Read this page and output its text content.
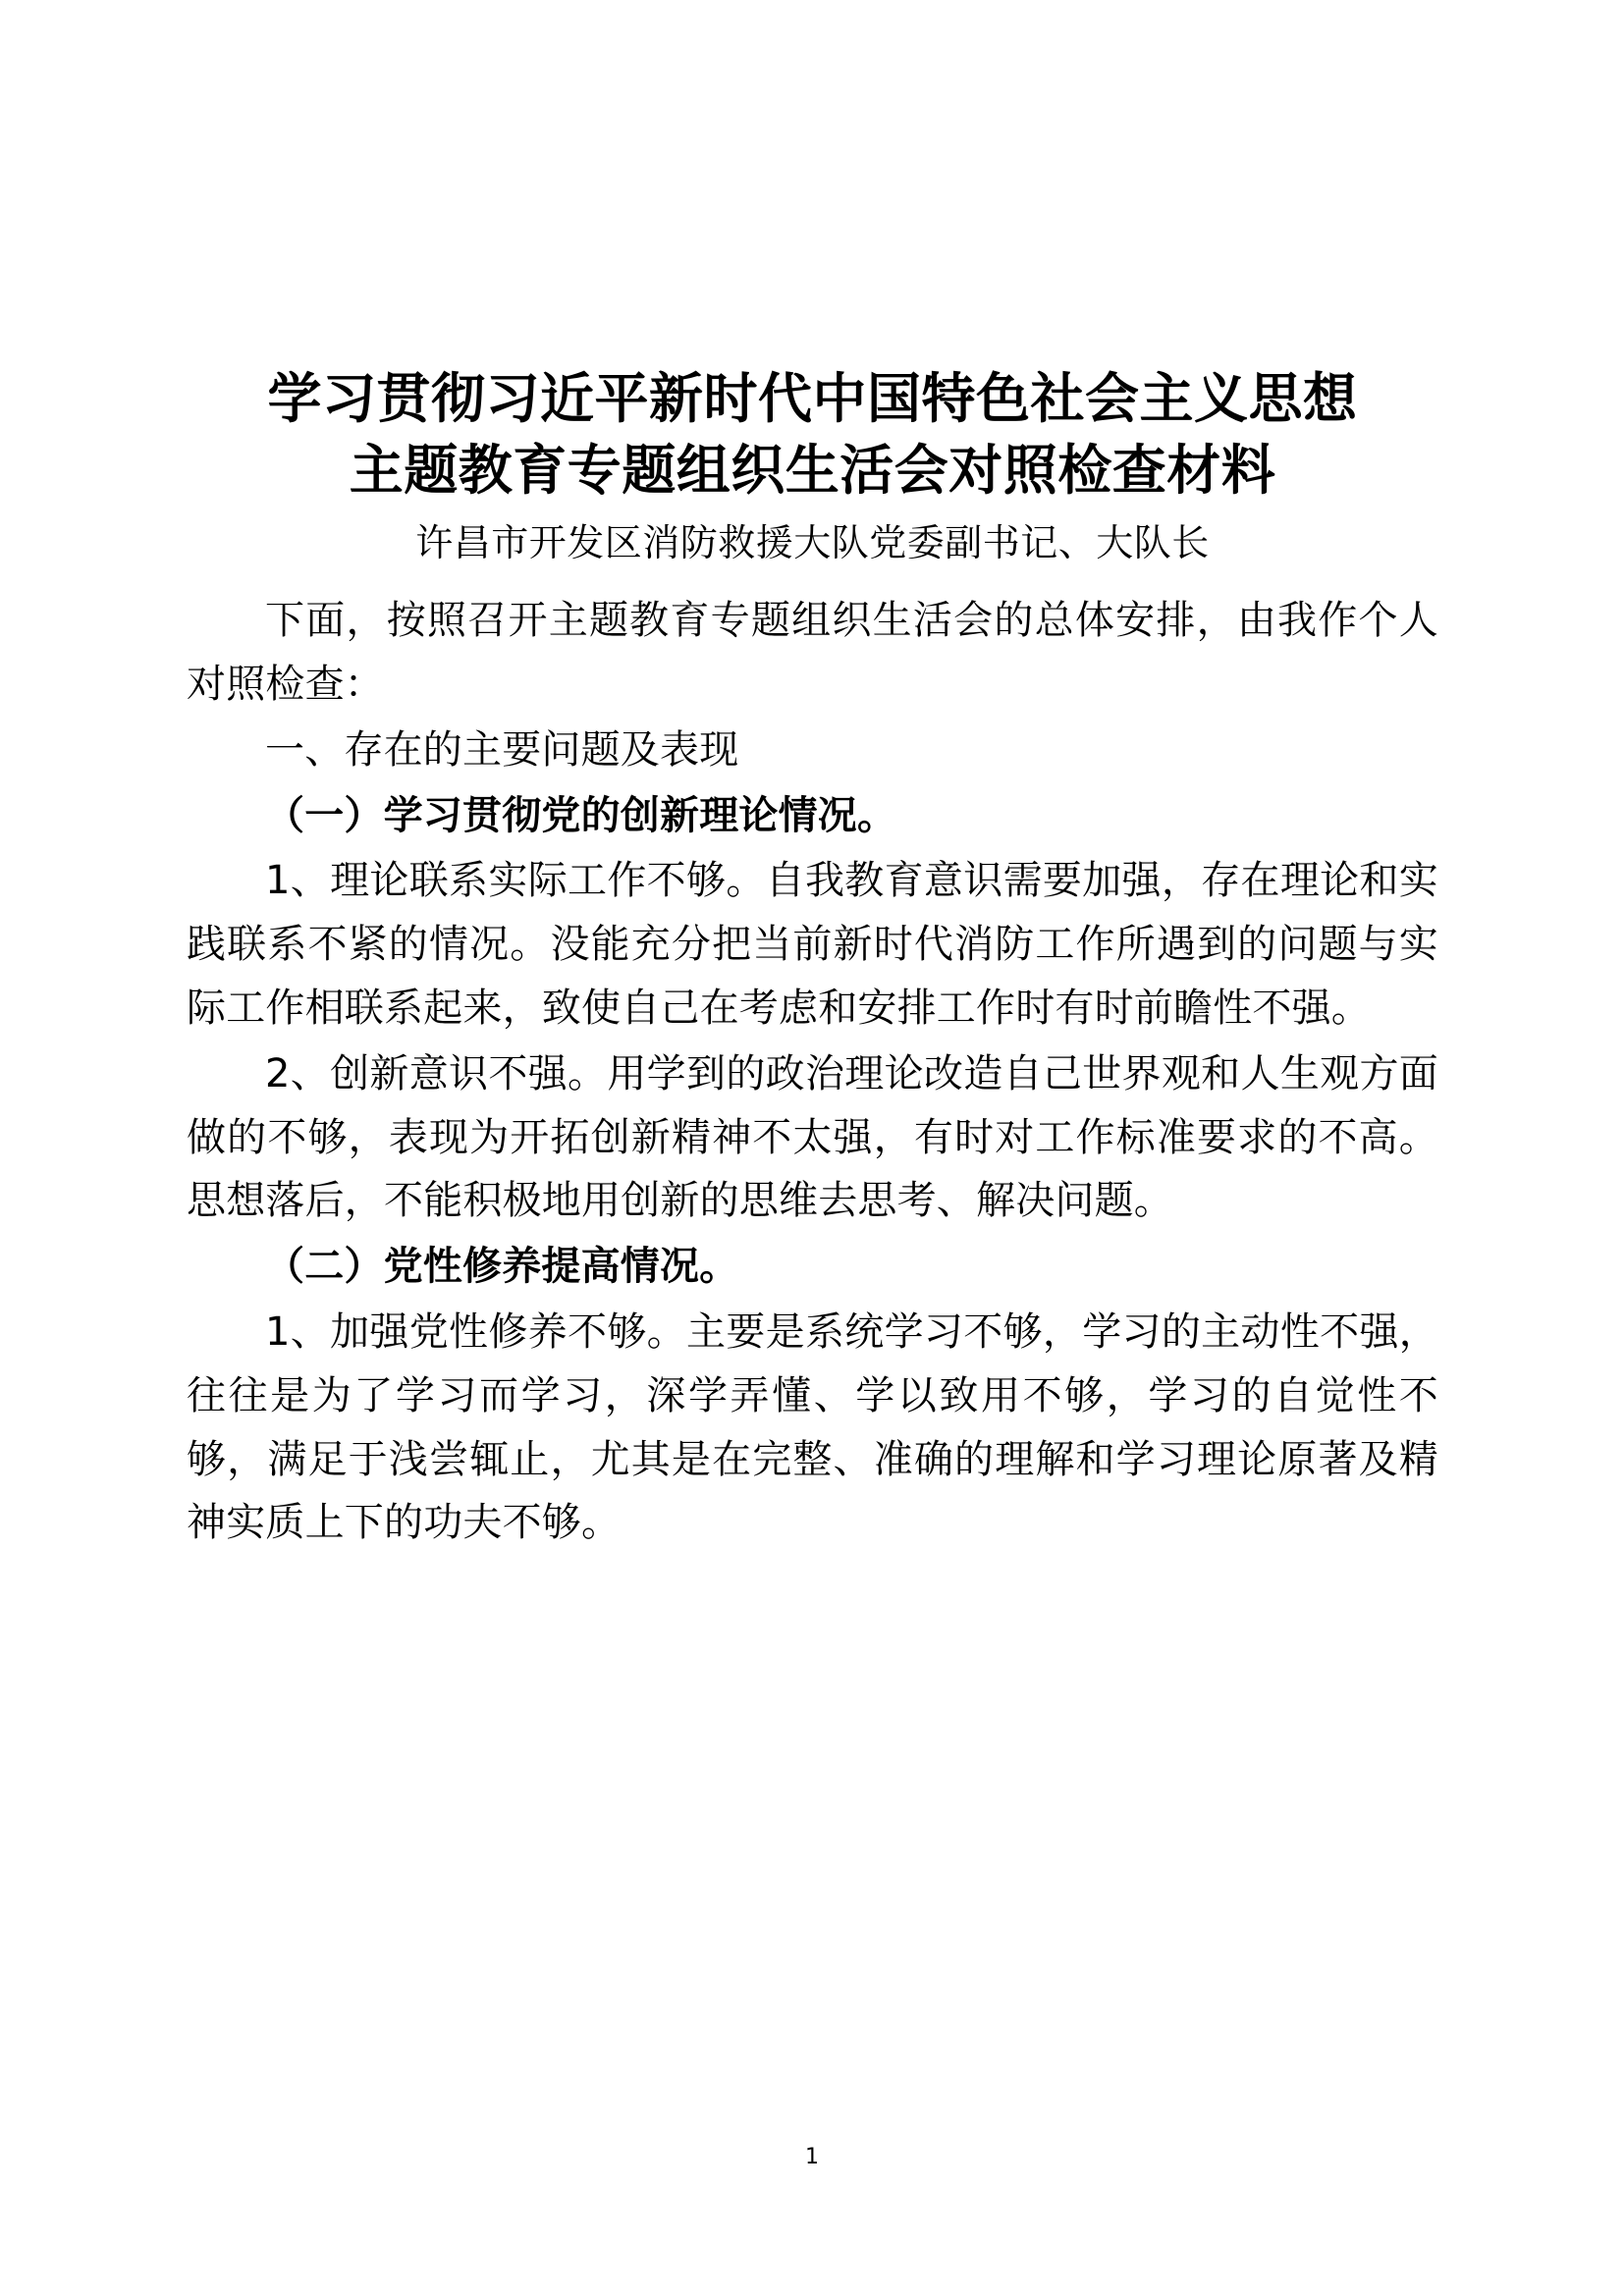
学习贯彻习近平新时代中国特色社会主义思想
主题教育专题组织生活会对照检查材料
许昌市开发区消防救援大队党委副书记、大队长

下面，按照召开主题教育专题组织生活会的总体安排，由我作个人对照检查：

一、存在的主要问题及表现

（一）学习贯彻党的创新理论情况。

1、理论联系实际工作不够。自我教育意识需要加强，存在理论和实践联系不紧的情况。没能充分把当前新时代消防工作所遇到的问题与实际工作相联系起来，致使自己在考虑和安排工作时有时前瞻性不强。

2、创新意识不强。用学到的政治理论改造自己世界观和人生观方面做的不够，表现为开拓创新精神不太强，有时对工作标准要求的不高。思想落后，不能积极地用创新的思维去思考、解决问题。

（二）党性修养提高情况。

1、加强党性修养不够。主要是系统学习不够，学习的主动性不强，往往是为了学习而学习，深学弄懂、学以致用不够，学习的自觉性不够，满足于浅尝辄止，尤其是在完整、准确的理解和学习理论原著及精神实质上下的功夫不够。

1
